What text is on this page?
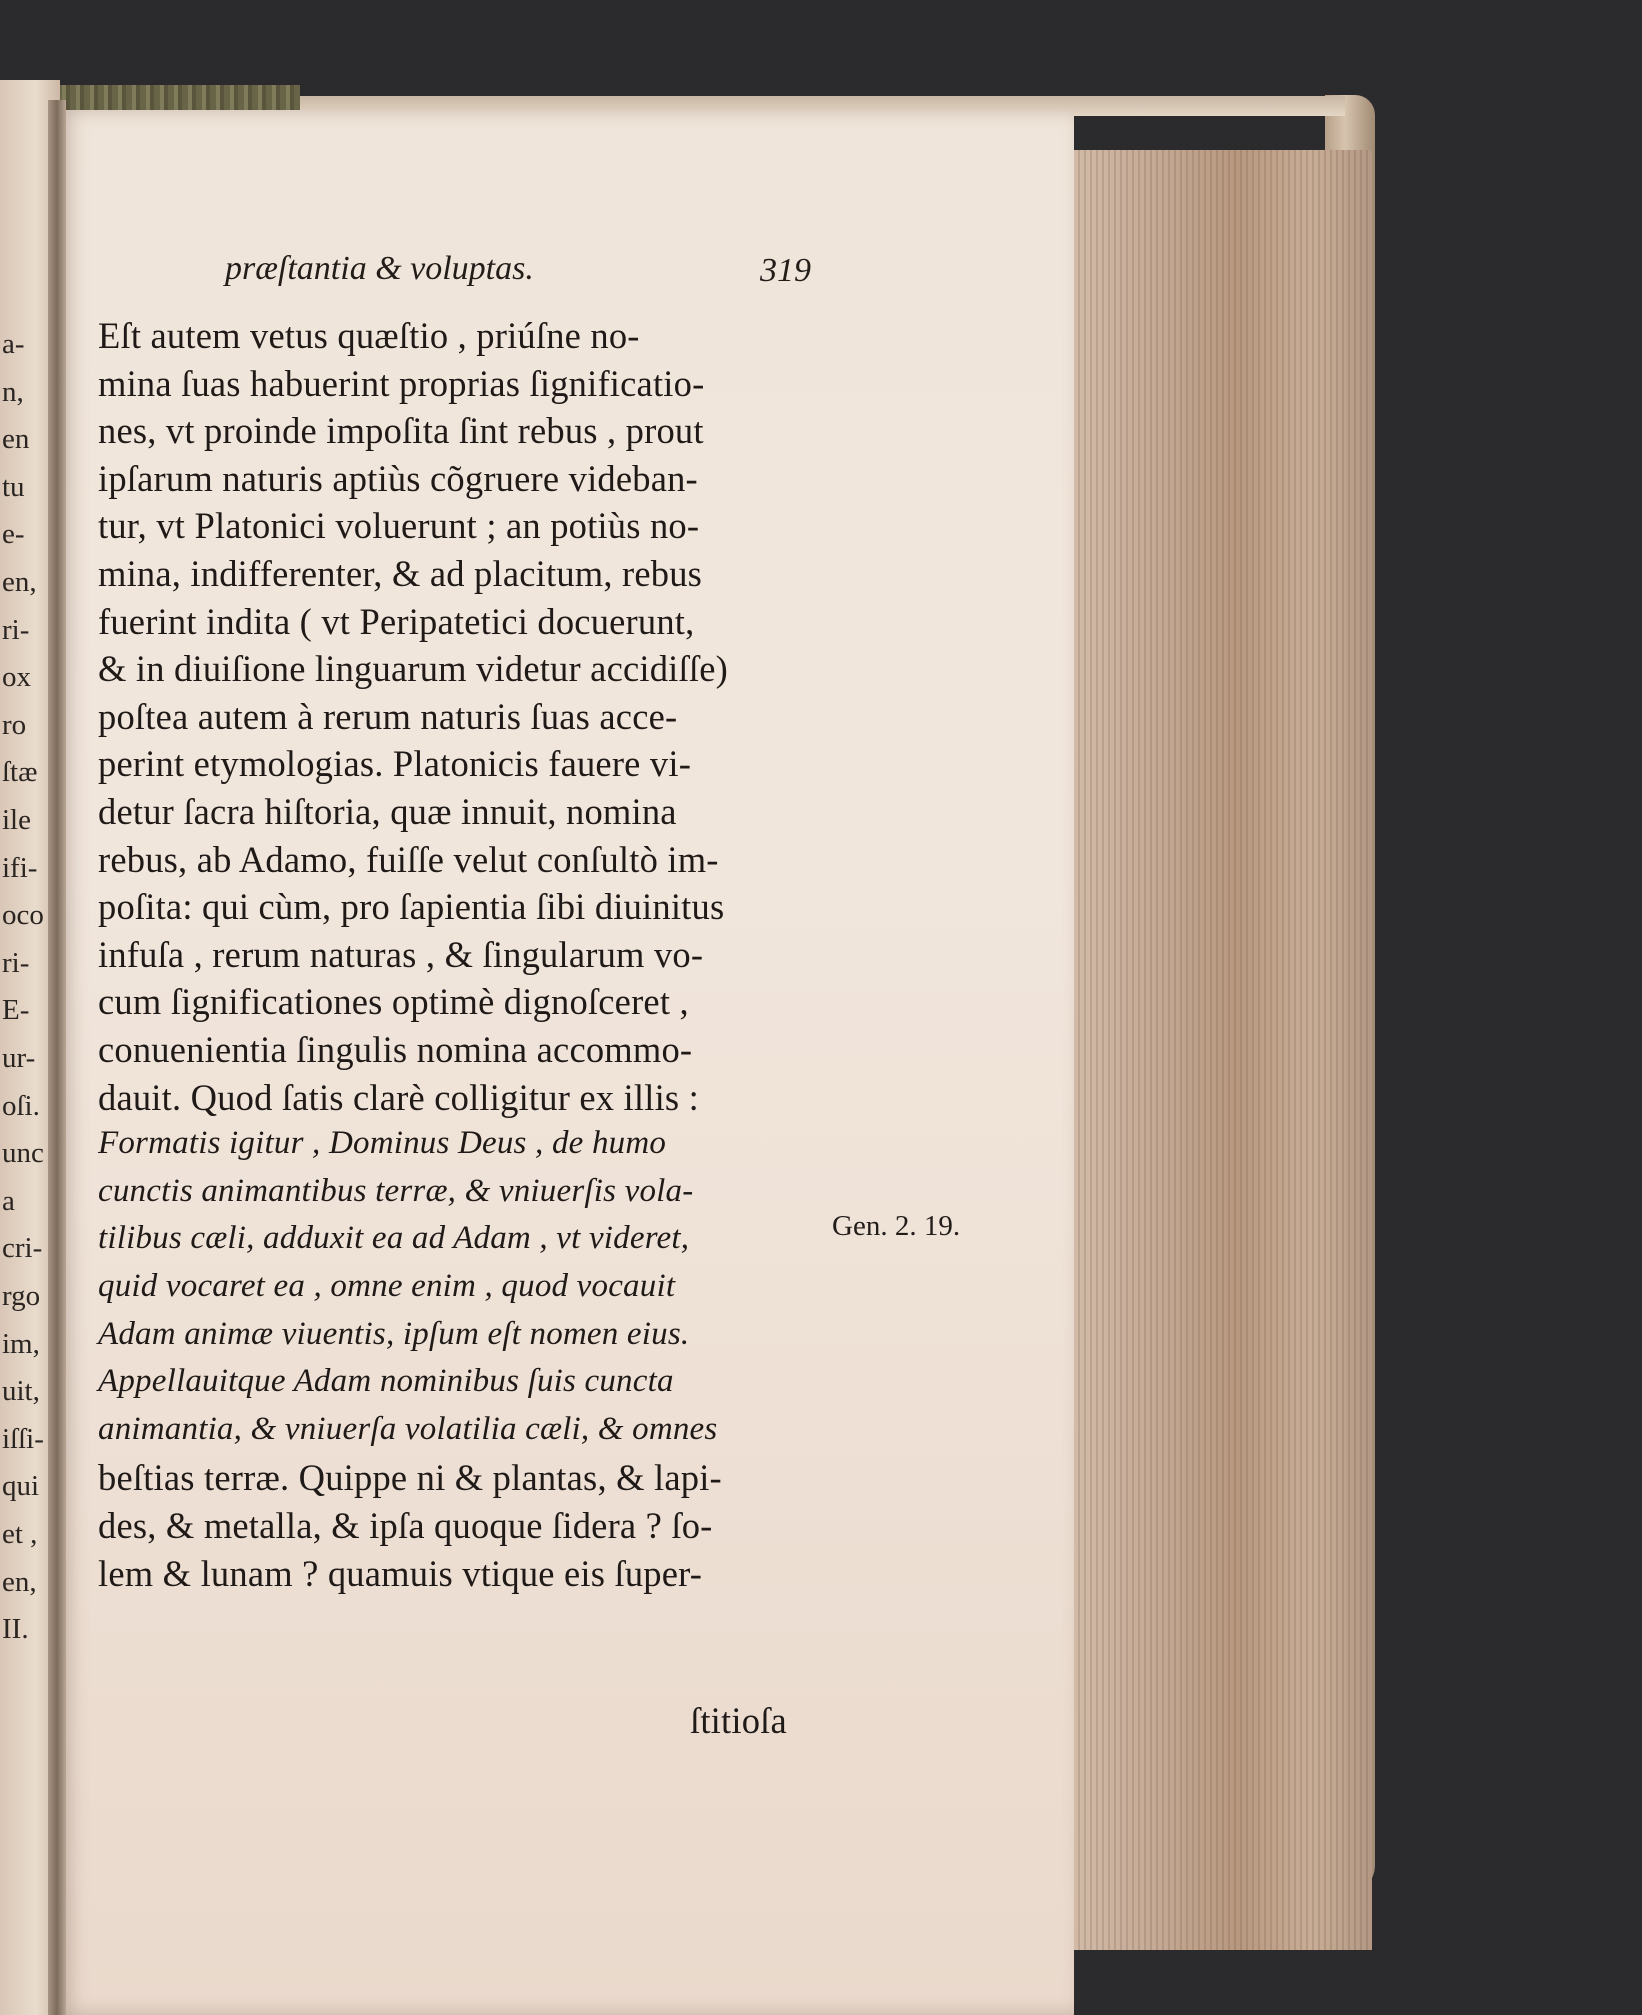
a-
n,
en
tu
e-
en,
ri-
ox
ro
ſtæ
ile
ifi-
oco
ri-
E-
ur-
oſi.
unc
a
cri-
rgo
im,
uit,
iſſi-
qui
et ,
en,
II.
præſtantia & voluptas.	319
Eſt autem vetus quæſtio , priúſne no-
mina ſuas habuerint proprias ſignificatio-
nes, vt proinde impoſita ſint rebus , prout
ipſarum naturis aptiùs cõgruere videban-
tur, vt Platonici voluerunt ; an potiùs no-
mina, indifferenter, & ad placitum, rebus
fuerint indita ( vt Peripatetici docuerunt,
& in diuiſione linguarum videtur accidiſſe)
poſtea autem à rerum naturis ſuas acce-
perint etymologias. Platonicis fauere vi-
detur ſacra hiſtoria, quæ innuit, nomina
rebus, ab Adamo, fuiſſe velut conſultò im-
poſita: qui cùm, pro ſapientia ſibi diuinitus
infuſa , rerum naturas , & ſingularum vo-
cum ſignificationes optimè dignoſceret ,
conuenientia ſingulis nomina accommo-
dauit. Quod ſatis clarè colligitur ex illis :
Formatis igitur , Dominus Deus , de humo
cunctis animantibus terræ, & vniuerſis vola-
tilibus cæli, adduxit ea ad Adam , vt videret,
quid vocaret ea , omne enim , quod vocauit
Adam animæ viuentis, ipſum eſt nomen eius.
Appellauitque Adam nominibus ſuis cuncta
animantia, & vniuerſa volatilia cæli, & omnes
beſtias terræ. Quippe ni & plantas, & lapi-
des, & metalla, & ipſa quoque ſidera ? ſo-
lem & lunam ? quamuis vtique eis ſuper-
ſtitioſa
Gen. 2. 19.
